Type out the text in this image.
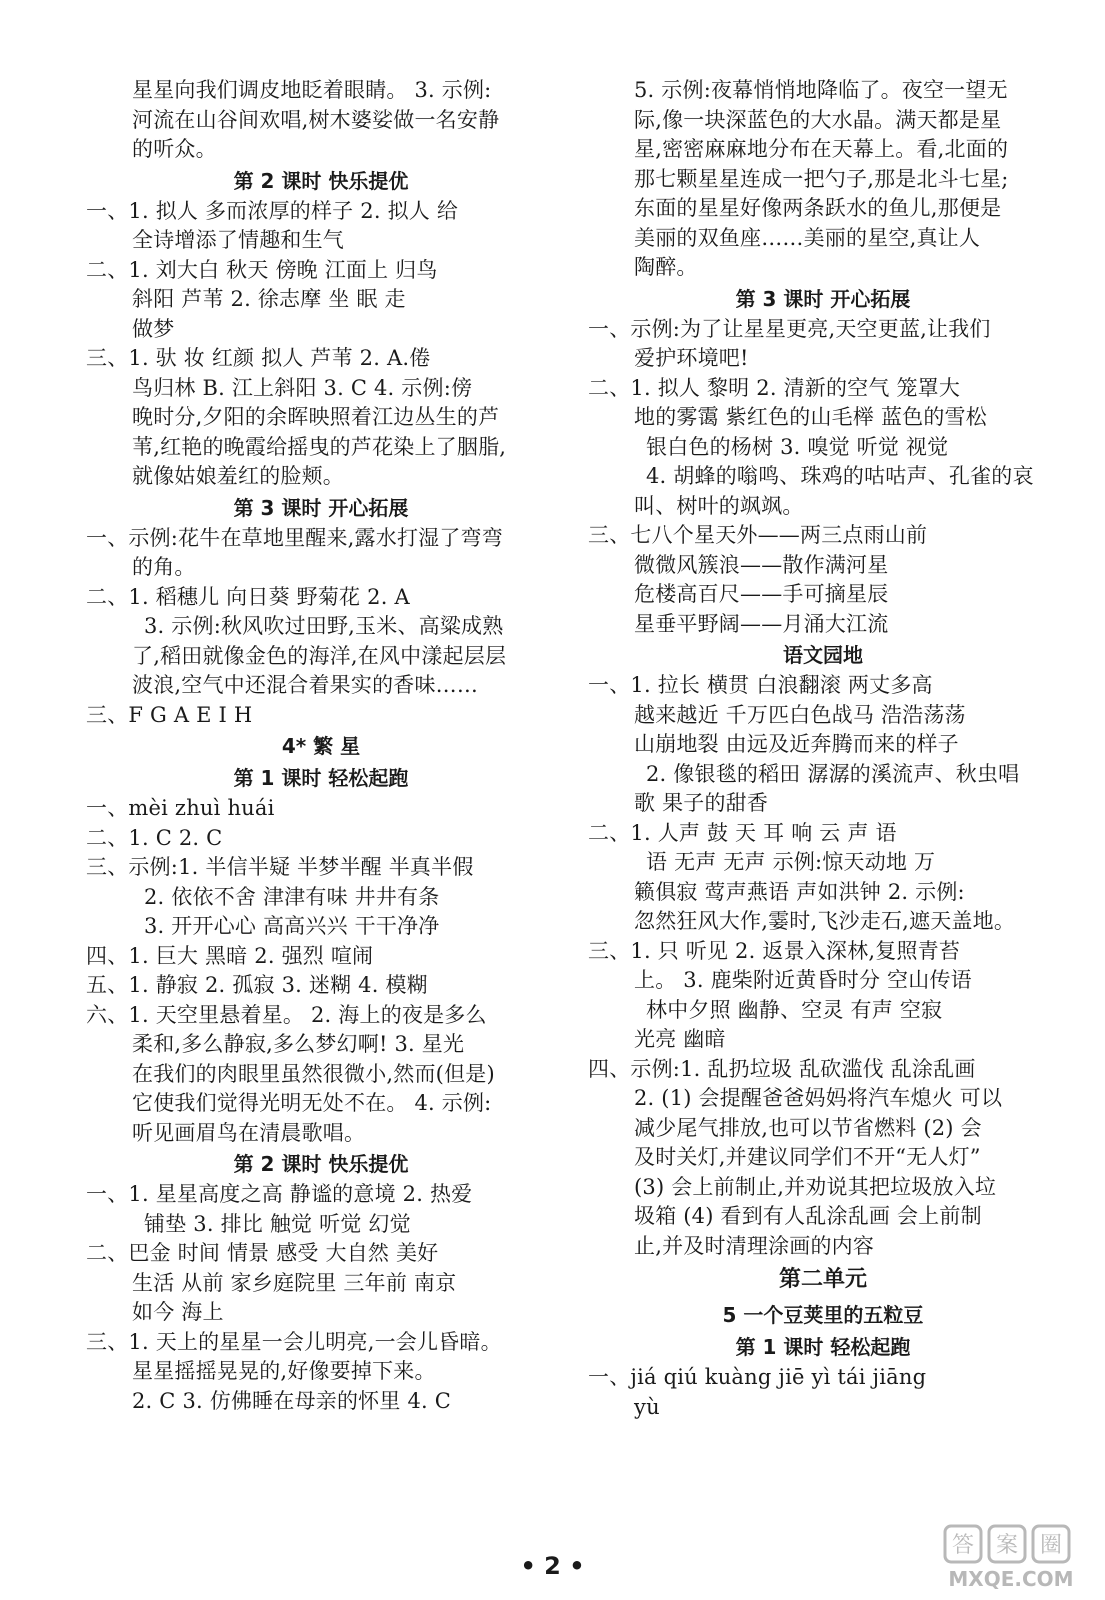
星星向我们调皮地眨着眼睛。 3. 示例:
河流在山谷间欢唱,树木婆娑做一名安静
的听众。
第 2 课时 快乐提优
一、1. 拟人 多而浓厚的样子 2. 拟人 给
全诗增添了情趣和生气
二、1. 刘大白 秋天 傍晚 江面上 归鸟
斜阳 芦苇 2. 徐志摩 坐 眠 走
做梦
三、1. 驮 妆 红颜 拟人 芦苇 2. A.倦
鸟归林 B. 江上斜阳 3. C 4. 示例:傍
晚时分,夕阳的余晖映照着江边丛生的芦
苇,红艳的晚霞给摇曳的芦花染上了胭脂,
就像姑娘羞红的脸颊。
第 3 课时 开心拓展
一、示例:花牛在草地里醒来,露水打湿了弯弯
的角。
二、1. 稻穗儿 向日葵 野菊花 2. A
3. 示例:秋风吹过田野,玉米、高粱成熟
了,稻田就像金色的海洋,在风中漾起层层
波浪,空气中还混合着果实的香味……
三、F G A E I H
4* 繁 星
第 1 课时 轻松起跑
一、mèi zhuì huái
二、1. C 2. C
三、示例:1. 半信半疑 半梦半醒 半真半假
2. 依依不舍 津津有味 井井有条
3. 开开心心 高高兴兴 干干净净
四、1. 巨大 黑暗 2. 强烈 喧闹
五、1. 静寂 2. 孤寂 3. 迷糊 4. 模糊
六、1. 天空里悬着星。 2. 海上的夜是多么
柔和,多么静寂,多么梦幻啊! 3. 星光
在我们的肉眼里虽然很微小,然而(但是)
它使我们觉得光明无处不在。 4. 示例:
听见画眉鸟在清晨歌唱。
第 2 课时 快乐提优
一、1. 星星高度之高 静谧的意境 2. 热爱
铺垫 3. 排比 触觉 听觉 幻觉
二、巴金 时间 情景 感受 大自然 美好
生活 从前 家乡庭院里 三年前 南京
如今 海上
三、1. 天上的星星一会儿明亮,一会儿昏暗。
星星摇摇晃晃的,好像要掉下来。
2. C 3. 仿佛睡在母亲的怀里 4. C
5. 示例:夜幕悄悄地降临了。夜空一望无
际,像一块深蓝色的大水晶。满天都是星
星,密密麻麻地分布在天幕上。看,北面的
那七颗星星连成一把勺子,那是北斗七星;
东面的星星好像两条跃水的鱼儿,那便是
美丽的双鱼座……美丽的星空,真让人
陶醉。
第 3 课时 开心拓展
一、示例:为了让星星更亮,天空更蓝,让我们
爱护环境吧!
二、1. 拟人 黎明 2. 清新的空气 笼罩大
地的雾霭 紫红色的山毛榉 蓝色的雪松
银白色的杨树 3. 嗅觉 听觉 视觉
4. 胡蜂的嗡鸣、珠鸡的咕咕声、孔雀的哀
叫、树叶的飒飒。
三、七八个星天外——两三点雨山前
微微风簇浪——散作满河星
危楼高百尺——手可摘星辰
星垂平野阔——月涌大江流
语文园地
一、1. 拉长 横贯 白浪翻滚 两丈多高
越来越近 千万匹白色战马 浩浩荡荡
山崩地裂 由远及近奔腾而来的样子
2. 像银毯的稻田 潺潺的溪流声、秋虫唱
歌 果子的甜香
二、1. 人声 鼓 天 耳 响 云 声 语
语 无声 无声 示例:惊天动地 万
籁俱寂 莺声燕语 声如洪钟 2. 示例:
忽然狂风大作,霎时,飞沙走石,遮天盖地。
三、1. 只 听见 2. 返景入深林,复照青苔
上。 3. 鹿柴附近黄昏时分 空山传语
林中夕照 幽静、空灵 有声 空寂
光亮 幽暗
四、示例:1. 乱扔垃圾 乱砍滥伐 乱涂乱画
2. (1) 会提醒爸爸妈妈将汽车熄火 可以
减少尾气排放,也可以节省燃料 (2) 会
及时关灯,并建议同学们不开“无人灯”
(3) 会上前制止,并劝说其把垃圾放入垃
圾箱 (4) 看到有人乱涂乱画 会上前制
止,并及时清理涂画的内容
第二单元
5 一个豆荚里的五粒豆
第 1 课时 轻松起跑
一、jiá qiú kuàng jiē yì tái jiāng
yù
• 2 •
答 案 圈
MXQE.COM
